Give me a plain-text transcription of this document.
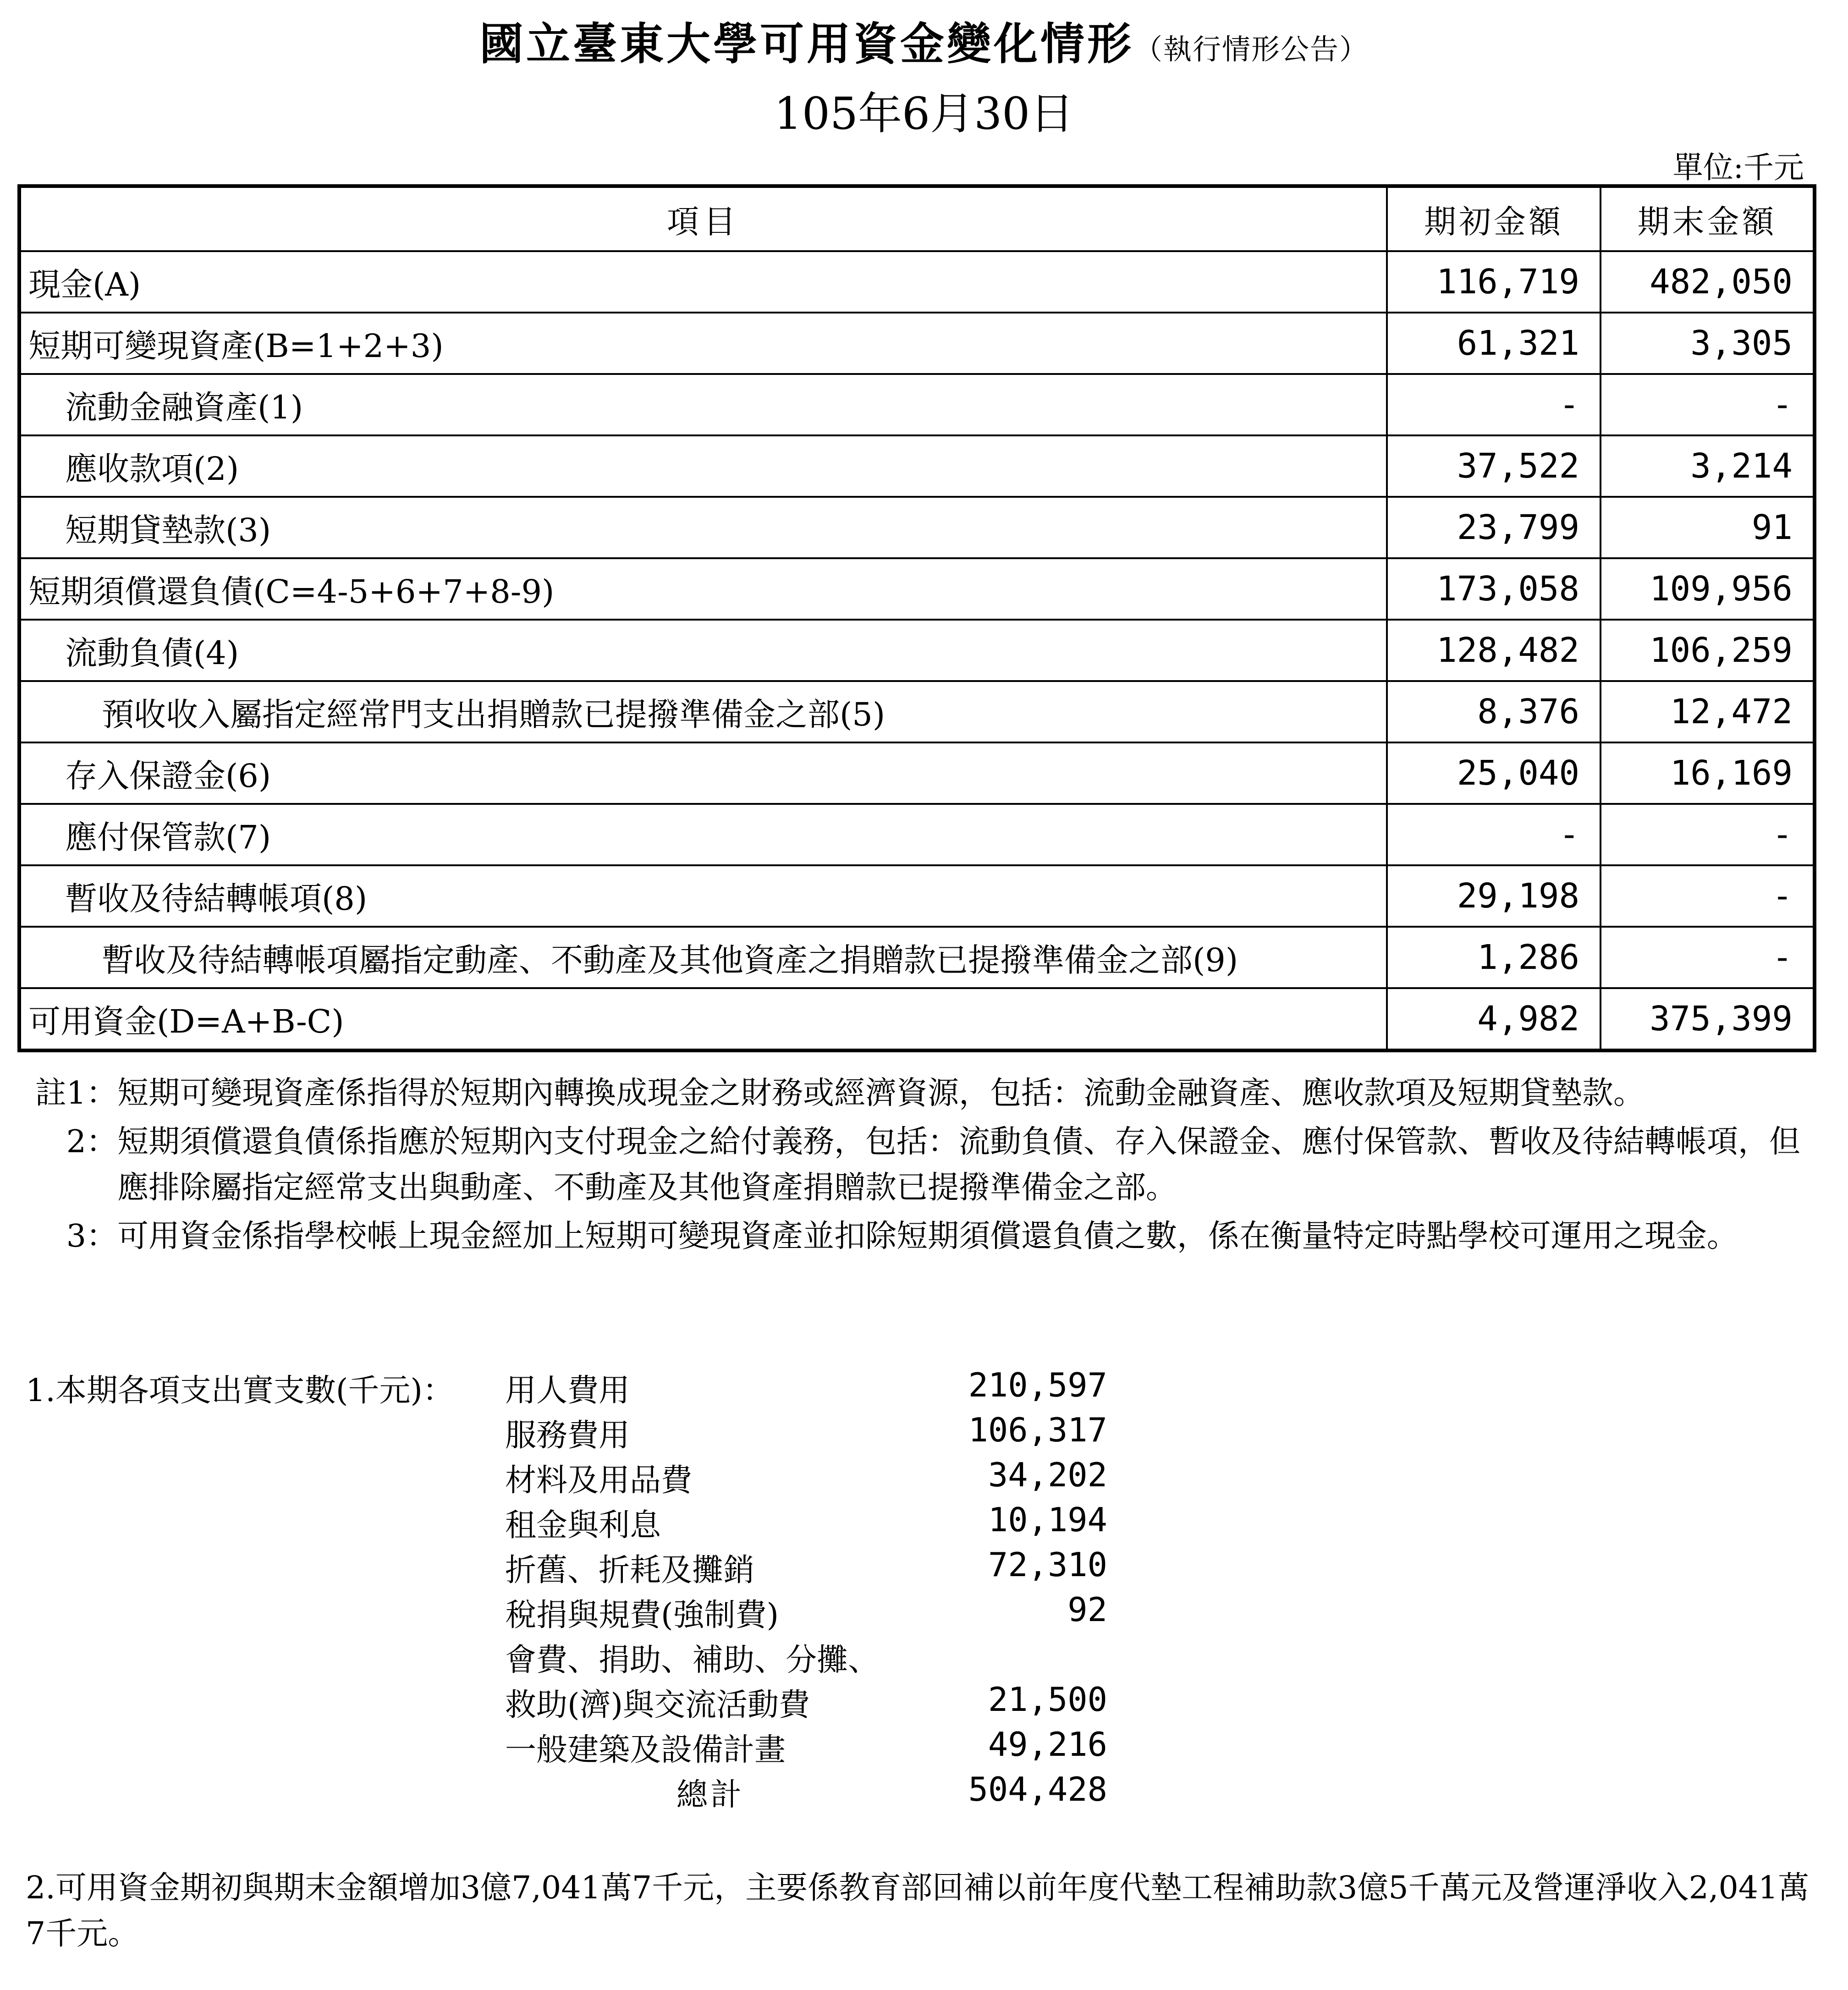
國立臺東大學可用資金變化情形（執行情形公告）
105年6月30日
單位:千元
項目	期初金額	期末金額
現金(A)	116,719	482,050
短期可變現資產(B=1+2+3)	61,321	3,305
流動金融資產(1)	-	-
應收款項(2)	37,522	3,214
短期貸墊款(3)	23,799	91
短期須償還負債(C=4-5+6+7+8-9)	173,058	109,956
流動負債(4)	128,482	106,259
預收收入屬指定經常門支出捐贈款已提撥準備金之部(5)	8,376	12,472
存入保證金(6)	25,040	16,169
應付保管款(7)	-	-
暫收及待結轉帳項(8)	29,198	-
暫收及待結轉帳項屬指定動產、不動產及其他資產之捐贈款已提撥準備金之部(9)	1,286	-
可用資金(D=A+B-C)	4,982	375,399
註1： 短期可變現資產係指得於短期內轉換成現金之財務或經濟資源，包括：流動金融資產、應收款項及短期貸墊款。
2： 短期須償還負債係指應於短期內支付現金之給付義務，包括：流動負債、存入保證金、應付保管款、暫收及待結轉帳項，但應排除屬指定經常支出與動產、不動產及其他資產捐贈款已提撥準備金之部。
3： 可用資金係指學校帳上現金經加上短期可變現資產並扣除短期須償還負債之數，係在衡量特定時點學校可運用之現金。
1.本期各項支出實支數(千元)： 用人費用	210,597
服務費用	106,317
材料及用品費	34,202
租金與利息	10,194
折舊、折耗及攤銷	72,310
稅捐與規費(強制費)	92
會費、捐助、補助、分攤、
救助(濟)與交流活動費	21,500
一般建築及設備計畫	49,216
總計	504,428
2.可用資金期初與期末金額增加3億7,041萬7千元，主要係教育部回補以前年度代墊工程補助款3億5千萬元及營運淨收入2,041萬7千元。
